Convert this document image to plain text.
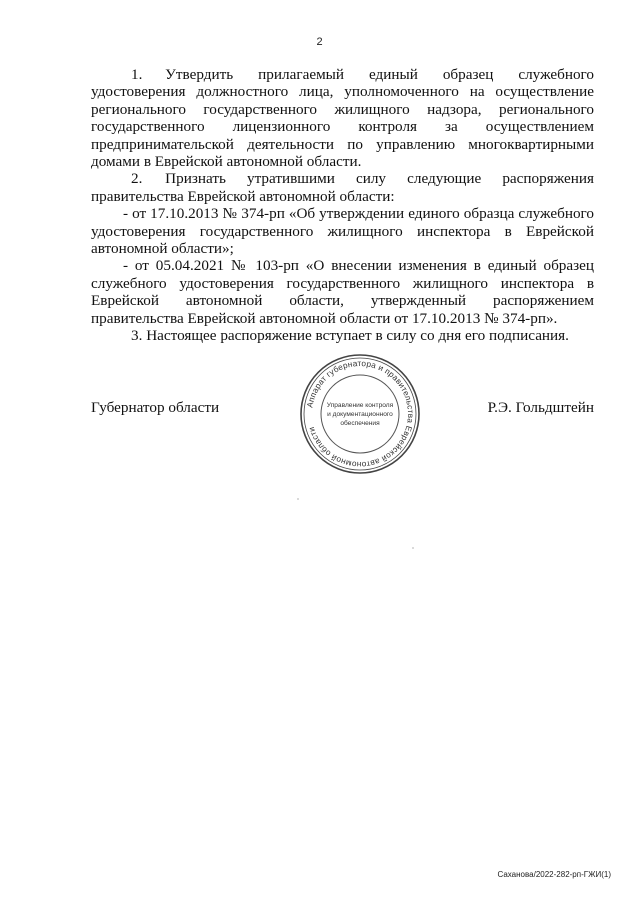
2

1.  Утвердить прилагаемый единый образец служебного удостоверения должностного лица, уполномоченного на осуществление регионального государственного жилищного надзора, регионального государственного лицензионного контроля за осуществлением предпринимательской деятельности по управлению многоквартирными домами в Еврейской автономной области.

2.  Признать утратившими силу следующие распоряжения правительства Еврейской автономной области:

- от 17.10.2013 № 374-рп «Об утверждении единого образца служебного удостоверения государственного жилищного инспектора в Еврейской автономной области»;

- от 05.04.2021 № 103-рп «О внесении изменения в единый образец служебного удостоверения государственного жилищного инспектора в Еврейской автономной области, утвержденный распоряжением правительства Еврейской автономной области от 17.10.2013 № 374-рп».

3. Настоящее распоряжение вступает в силу со дня его подписания.

Губернатор области	Р.Э. Гольдштейн
Аппарат губернатора и правительства Еврейской автономной области
Управление контроля
и документационного
обеспечения
Саханова/2022-282-рп-ГЖИ(1)
